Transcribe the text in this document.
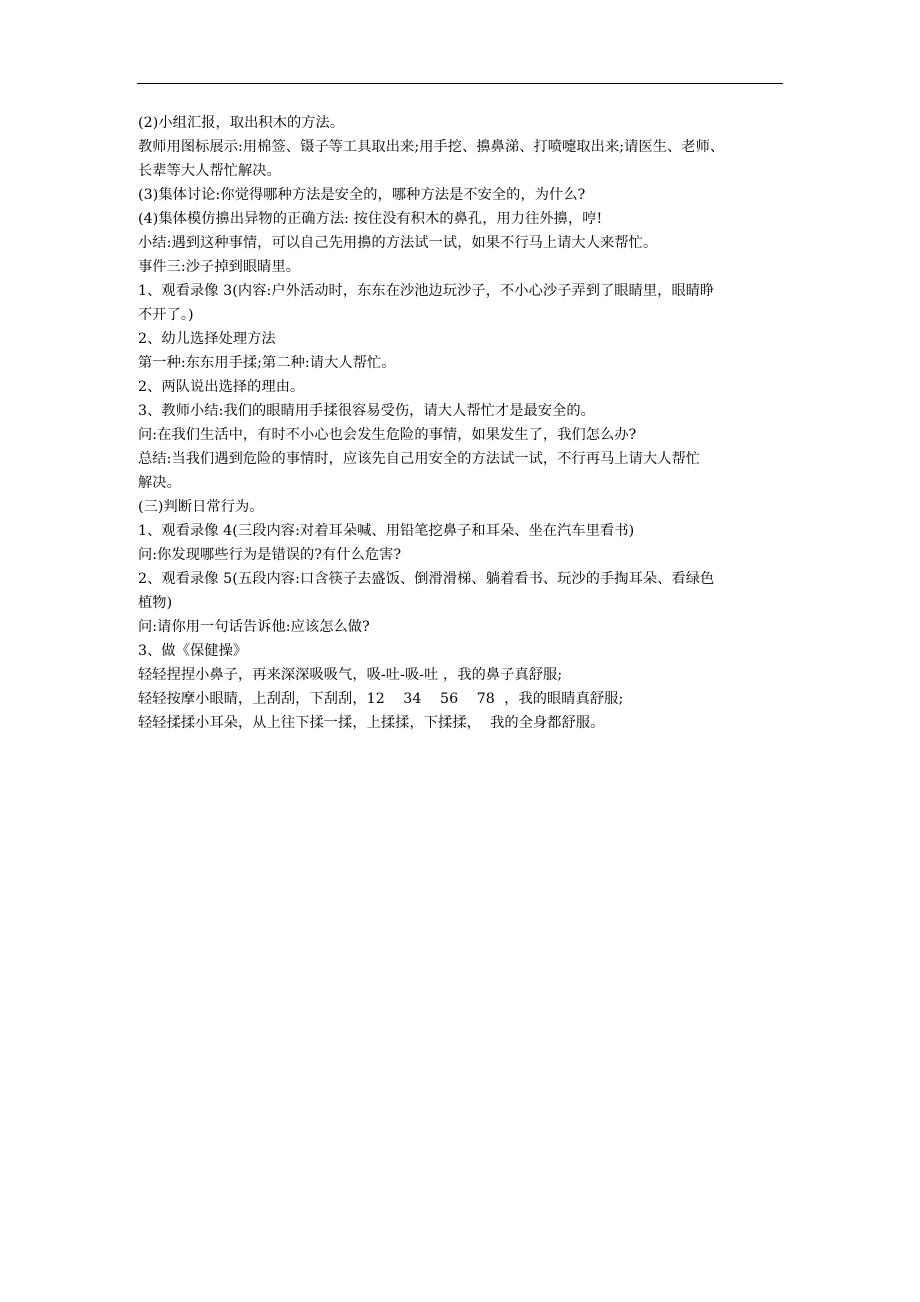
(2)小组汇报，取出积木的方法。
教师用图标展示:用棉签、镊子等工具取出来;用手挖、擤鼻涕、打喷嚏取出来;请医生、老师、
长辈等大人帮忙解决。
(3)集体讨论:你觉得哪种方法是安全的，哪种方法是不安全的，为什么?
(4)集体模仿擤出异物的正确方法: 按住没有积木的鼻孔，用力往外擤，哼!
小结:遇到这种事情，可以自己先用擤的方法试一试，如果不行马上请大人来帮忙。
事件三:沙子掉到眼睛里。
1、观看录像 3(内容:户外活动时，东东在沙池边玩沙子，不小心沙子弄到了眼睛里，眼睛睁
不开了。)
2、幼儿选择处理方法
第一种:东东用手揉;第二种:请大人帮忙。
2、两队说出选择的理由。
3、教师小结:我们的眼睛用手揉很容易受伤，请大人帮忙才是最安全的。
问:在我们生活中，有时不小心也会发生危险的事情，如果发生了，我们怎么办?
总结:当我们遇到危险的事情时，应该先自己用安全的方法试一试，不行再马上请大人帮忙
解决。
(三)判断日常行为。
1、观看录像 4(三段内容:对着耳朵喊、用铅笔挖鼻子和耳朵、坐在汽车里看书)
问:你发现哪些行为是错误的?有什么危害?
2、观看录像 5(五段内容:口含筷子去盛饭、倒滑滑梯、躺着看书、玩沙的手掏耳朵、看绿色
植物)
问:请你用一句话告诉他:应该怎么做?
3、做《保健操》
轻轻捏捏小鼻子，再来深深吸吸气，吸-吐-吸-吐 ，我的鼻子真舒服;
轻轻按摩小眼睛，上刮刮，下刮刮，12    34    56    78  ，我的眼睛真舒服;
轻轻揉揉小耳朵，从上往下揉一揉，上揉揉，下揉揉，  我的全身都舒服。
